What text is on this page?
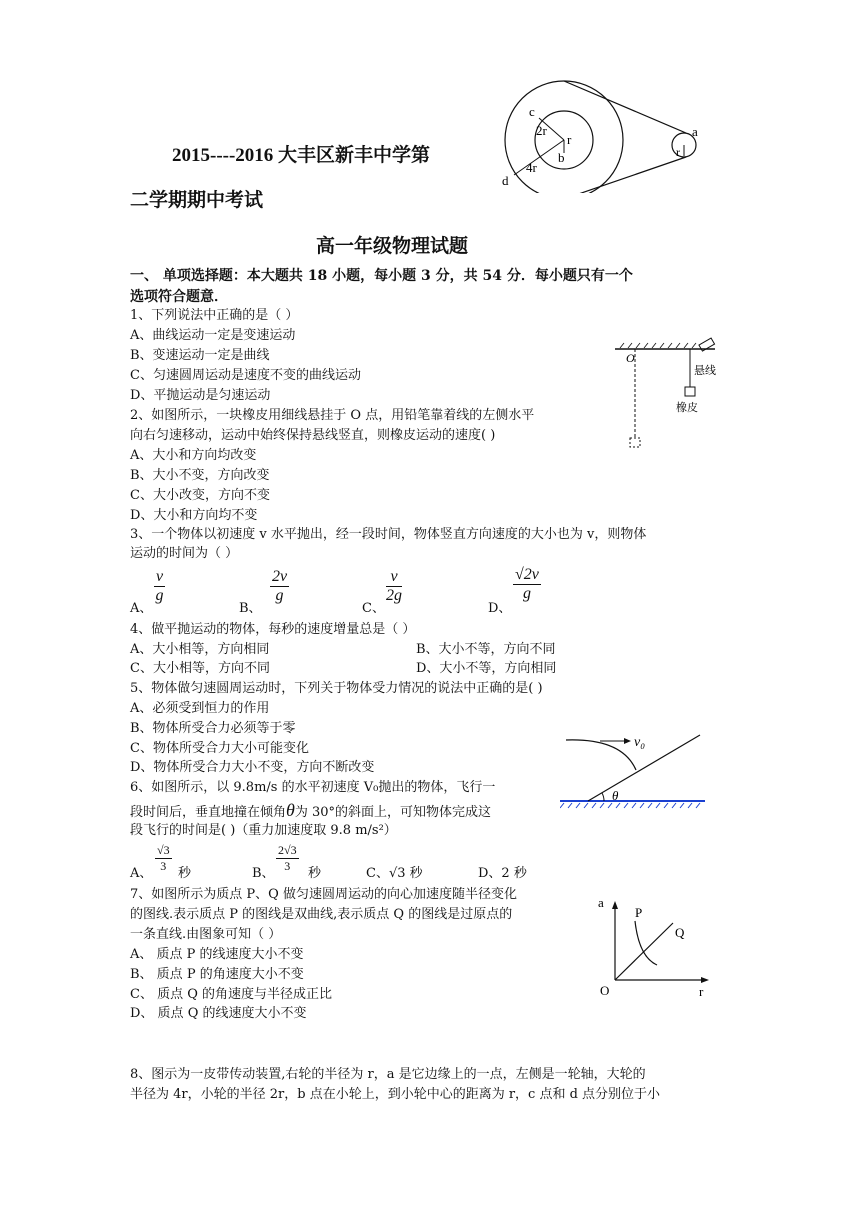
c
2r
r
b
4r
d
a
r
2015----2016 大丰区新丰中学第
二学期期中考试
高一年级物理试题
一、 单项选择题：本大题共 18 小题，每小题 3 分，共 54 分．每小题只有一个
选项符合题意．
1、下列说法中正确的是（ ）
A、曲线运动一定是变速运动
B、变速运动一定是曲线
C、匀速圆周运动是速度不变的曲线运动
D、平抛运动是匀速运动
O
悬线
橡皮
2、如图所示，一块橡皮用细线悬挂于 O 点，用铅笔靠着线的左侧水平
向右匀速移动，运动中始终保持悬线竖直，则橡皮运动的速度( )
A、大小和方向均改变
B、大小不变，方向改变
C、大小改变，方向不变
D、大小和方向均不变
3、一个物体以初速度 v 水平抛出，经一段时间，物体竖直方向速度的大小也为 v，则物体
运动的时间为（ ）
$\frac{v}{g}$	$\frac{2v}{g}$	$\frac{v}{2g}$	$\frac{√2v}{g}$
A、	B、	C、	D、
4、做平抛运动的物体，每秒的速度增量总是（ ）
A、大小相等，方向相同	B、大小不等，方向不同
C、大小相等，方向不同	D、大小不等，方向相同
5、物体做匀速圆周运动时，下列关于物体受力情况的说法中正确的是( )
A、必须受到恒力的作用
B、物体所受合力必须等于零
C、物体所受合力大小可能变化
D、物体所受合力大小不变，方向不断改变
v₀
θ
6、如图所示，以 9.8m/s 的水平初速度 V₀抛出的物体，飞行一
段时间后，垂直地撞在倾角θ为 30°的斜面上，可知物体完成这
段飞行的时间是( )（重力加速度取 9.8 m/s²）
A、 $\frac{√3}{3}$ 秒	B、 $\frac{2√3}{3}$ 秒	C、√3 秒	D、2 秒
a
r
O
P
Q
7、如图所示为质点 P、Q 做匀速圆周运动的向心加速度随半径变化
的图线.表示质点 P 的图线是双曲线,表示质点 Q 的图线是过原点的
一条直线.由图象可知（ ）
A、 质点 P 的线速度大小不变
B、 质点 P 的角速度大小不变
C、 质点 Q 的角速度与半径成正比
D、 质点 Q 的线速度大小不变
8、图示为一皮带传动装置,右轮的半径为 r，a 是它边缘上的一点，左侧是一轮轴，大轮的
半径为 4r，小轮的半径 2r，b 点在小轮上，到小轮中心的距离为 r，c 点和 d 点分别位于小
